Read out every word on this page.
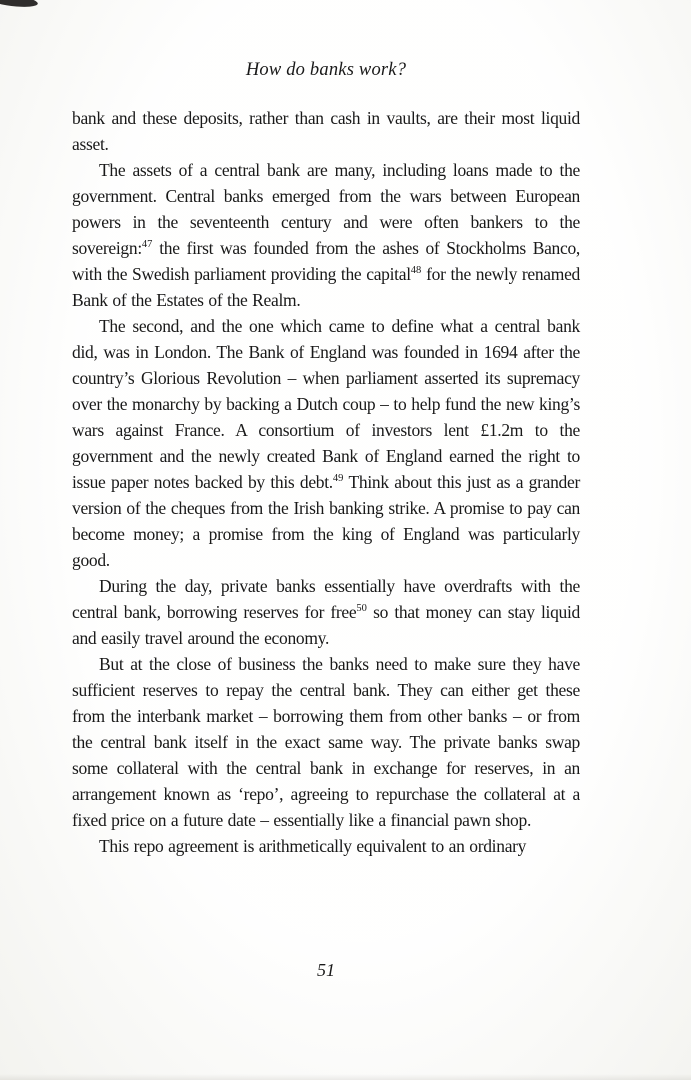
How do banks work?

bank and these deposits, rather than cash in vaults, are their most liquid asset.

The assets of a central bank are many, including loans made to the government. Central banks emerged from the wars between European powers in the seventeenth century and were often bankers to the sovereign:$^{47}$ the first was founded from the ashes of Stockholms Banco, with the Swedish parliament providing the capital$^{48}$ for the newly renamed Bank of the Estates of the Realm.

The second, and the one which came to define what a central bank did, was in London. The Bank of England was founded in 1694 after the country’s Glorious Revolution – when parliament asserted its supremacy over the monarchy by backing a Dutch coup – to help fund the new king’s wars against France. A consortium of investors lent £1.2m to the government and the newly created Bank of England earned the right to issue paper notes backed by this debt.$^{49}$ Think about this just as a grander version of the cheques from the Irish banking strike. A promise to pay can become money; a promise from the king of England was particularly good.

During the day, private banks essentially have overdrafts with the central bank, borrowing reserves for free$^{50}$ so that money can stay liquid and easily travel around the economy.

But at the close of business the banks need to make sure they have sufficient reserves to repay the central bank. They can either get these from the interbank market – borrowing them from other banks – or from the central bank itself in the exact same way. The private banks swap some collateral with the central bank in exchange for reserves, in an arrangement known as ‘repo’, agreeing to repurchase the collateral at a fixed price on a future date – essentially like a financial pawn shop.

This repo agreement is arithmetically equivalent to an ordinary

51
